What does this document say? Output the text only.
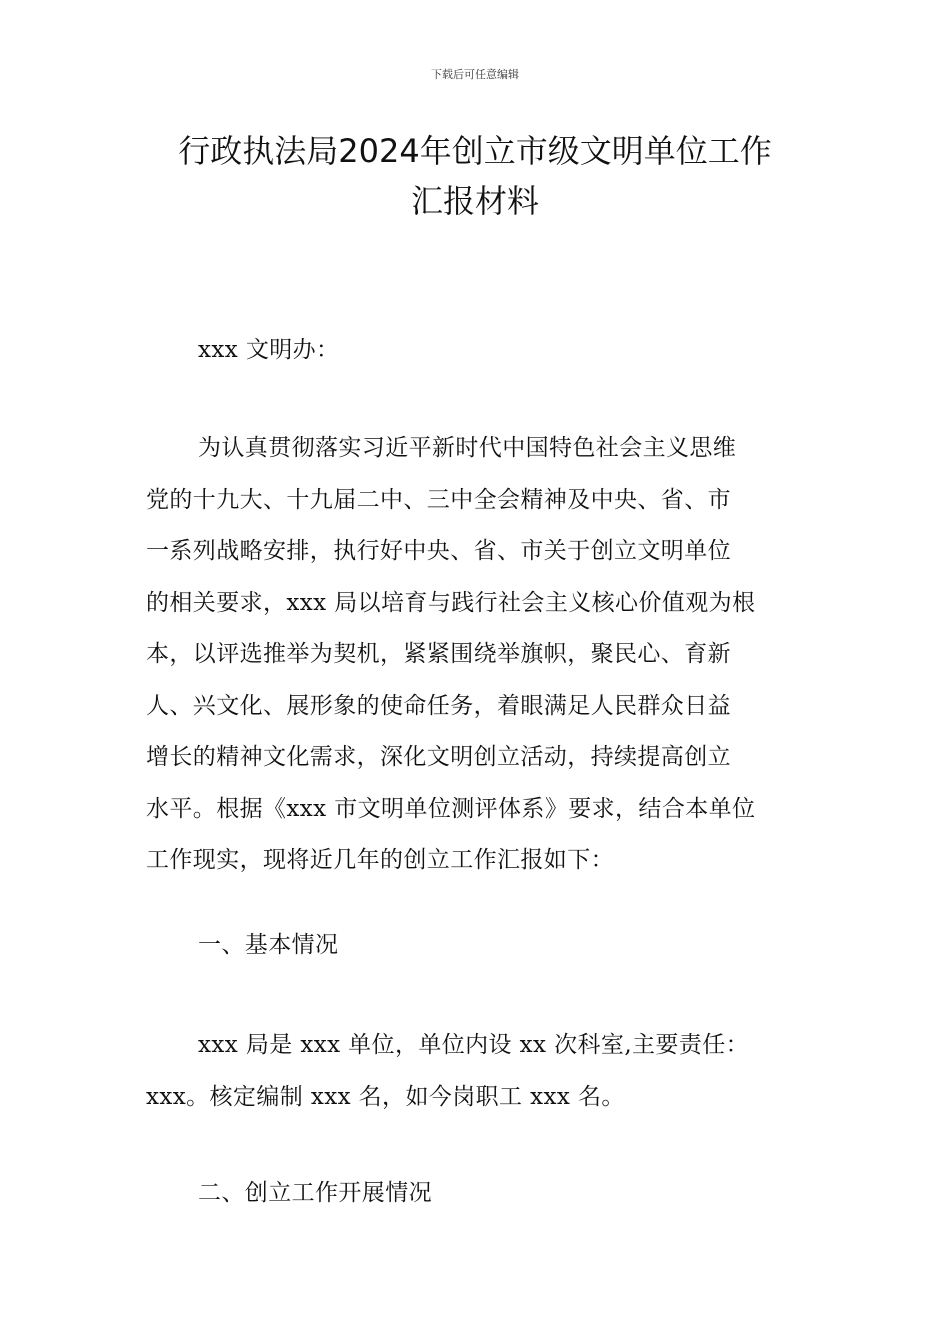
下载后可任意编辑
行政执法局2024年创立市级文明单位工作
汇报材料
xxx 文明办：
为认真贯彻落实习近平新时代中国特色社会主义思维
党的十九大、十九届二中、三中全会精神及中央、省、市
一系列战略安排，执行好中央、省、市关于创立文明单位
的相关要求，xxx 局以培育与践行社会主义核心价值观为根
本，以评选推举为契机，紧紧围绕举旗帜，聚民心、育新
人、兴文化、展形象的使命任务，着眼满足人民群众日益
增长的精神文化需求，深化文明创立活动，持续提高创立
水平。根据《xxx 市文明单位测评体系》要求，结合本单位
工作现实，现将近几年的创立工作汇报如下：
一、基本情况
xxx 局是 xxx 单位，单位内设 xx 次科室,主要责任：
xxx。核定编制 xxx 名，如今岗职工 xxx 名。
二、创立工作开展情况
